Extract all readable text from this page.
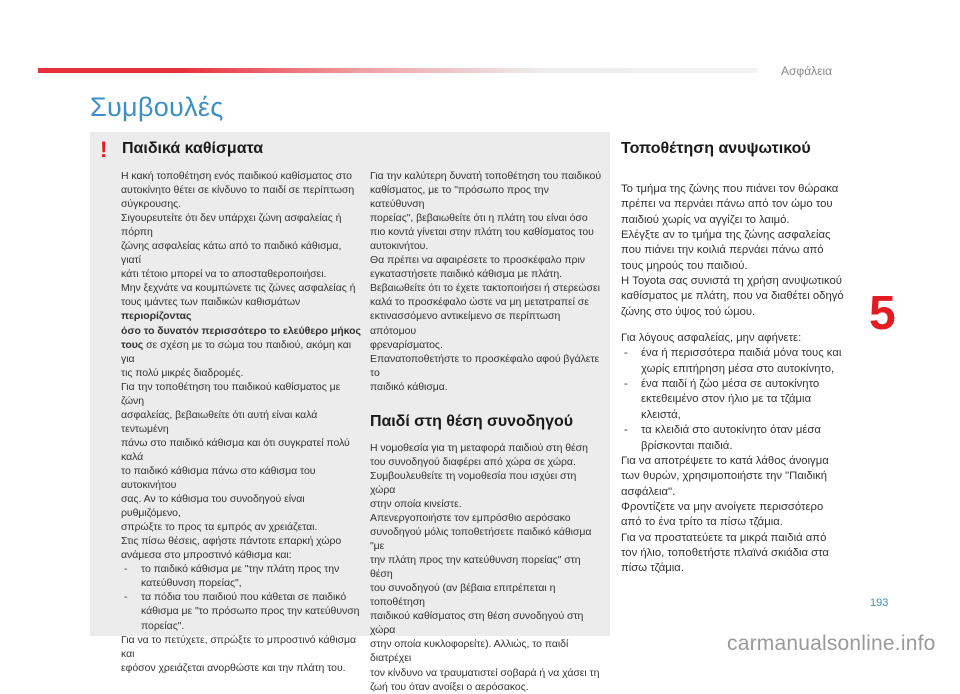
Ασφάλεια
Συμβουλές
! Παιδικά καθίσματα

Η κακή τοποθέτηση ενός παιδικού καθίσματος στο
αυτοκίνητο θέτει σε κίνδυνο το παιδί σε περίπτωση
σύγκρουσης.
Σιγουρευτείτε ότι δεν υπάρχει ζώνη ασφαλείας ή πόρπη
ζώνης ασφαλείας κάτω από το παιδικό κάθισμα, γιατί
κάτι τέτοιο μπορεί να το αποσταθεροποιήσει.
Μην ξεχνάτε να κουμπώνετε τις ζώνες ασφαλείας ή
τους ιμάντες των παιδικών καθισμάτων περιορίζοντας
όσο το δυνατόν περισσότερο το ελεύθερο μήκος
τους σε σχέση με το σώμα του παιδιού, ακόμη και για
τις πολύ μικρές διαδρομές.
Για την τοποθέτηση του παιδικού καθίσματος με ζώνη
ασφαλείας, βεβαιωθείτε ότι αυτή είναι καλά τεντωμένη
πάνω στο παιδικό κάθισμα και ότι συγκρατεί πολύ καλά
το παιδικό κάθισμα πάνω στο κάθισμα του αυτοκινήτου
σας. Αν το κάθισμα του συνοδηγού είναι ρυθμιζόμενο,
σπρώξτε το προς τα εμπρός αν χρειάζεται.
Στις πίσω θέσεις, αφήστε πάντοτε επαρκή χώρο
ανάμεσα στο μπροστινό κάθισμα και:

-	το παιδικό κάθισμα με "την πλάτη προς την
κατεύθυνση πορείας",
-	τα πόδια του παιδιού που κάθεται σε παιδικό
κάθισμα με "το πρόσωπο προς την κατεύθυνση
πορείας".

Για να το πετύχετε, σπρώξτε το μπροστινό κάθισμα και
εφόσον χρειάζεται ανορθώστε και την πλάτη του.

Για την καλύτερη δυνατή τοποθέτηση του παιδικού
καθίσματος, με το "πρόσωπο προς την κατεύθυνση
πορείας", βεβαιωθείτε ότι η πλάτη του είναι όσο
πιο κοντά γίνεται στην πλάτη του καθίσματος του
αυτοκινήτου.
Θα πρέπει να αφαιρέσετε το προσκέφαλο πριν
εγκαταστήσετε παιδικό κάθισμα με πλάτη.
Βεβαιωθείτε ότι το έχετε τακτοποιήσει ή στερεώσει
καλά το προσκέφαλο ώστε να μη μετατραπεί σε
εκτινασσόμενο αντικείμενο σε περίπτωση απότομου
φρεναρίσματος.
Επανατοποθετήστε το προσκέφαλο αφού βγάλετε το
παιδικό κάθισμα.

Παιδί στη θέση συνοδηγού

Η νομοθεσία για τη μεταφορά παιδιού στη θέση
του συνοδηγού διαφέρει από χώρα σε χώρα.
Συμβουλευθείτε τη νομοθεσία που ισχύει στη χώρα
στην οποία κινείστε.
Απενεργοποιήστε τον εμπρόσθιο αερόσακο
συνοδηγού μόλις τοποθετήσετε παιδικό κάθισμα "με
την πλάτη προς την κατεύθυνση πορείας" στη θέση
του συνοδηγού (αν βέβαια επιτρέπεται η τοποθέτηση
παιδικού καθίσματος στη θέση συνοδηγού στη χώρα
στην οποία κυκλοφορείτε). Αλλιώς, το παιδί διατρέχει
τον κίνδυνο να τραυματιστεί σοβαρά ή να χάσει τη
ζωή του όταν ανοίξει ο αερόσακος.

Τοποθέτηση ανυψωτικού

Το τμήμα της ζώνης που πιάνει τον θώρακα
πρέπει να περνάει πάνω από τον ώμο του
παιδιού χωρίς να αγγίζει το λαιμό.
Ελέγξτε αν το τμήμα της ζώνης ασφαλείας
που πιάνει την κοιλιά περνάει πάνω από
τους μηρούς του παιδιού.
Η Toyota σας συνιστά τη χρήση ανυψωτικού
καθίσματος με πλάτη, που να διαθέτει οδηγό
ζώνης στο ύψος τού ώμου.

Για λόγους ασφαλείας, μην αφήνετε:

-	ένα ή περισσότερα παιδιά μόνα τους και
χωρίς επιτήρηση μέσα στο αυτοκίνητο,
-	ένα παιδί ή ζώο μέσα σε αυτοκίνητο
εκτεθειμένο στον ήλιο με τα τζάμια
κλειστά,
-	τα κλειδιά στο αυτοκίνητο όταν μέσα
βρίσκονται παιδιά.

Για να αποτρέψετε το κατά λάθος άνοιγμα
των θυρών, χρησιμοποιήστε την "Παιδική
ασφάλεια".
Φροντίζετε να μην ανοίγετε περισσότερο
από το ένα τρίτο τα πίσω τζάμια.
Για να προστατεύετε τα μικρά παιδιά από
τον ήλιο, τοποθετήστε πλαϊνά σκιάδια στα
πίσω τζάμια.

5
193
carmanualsonline.info
